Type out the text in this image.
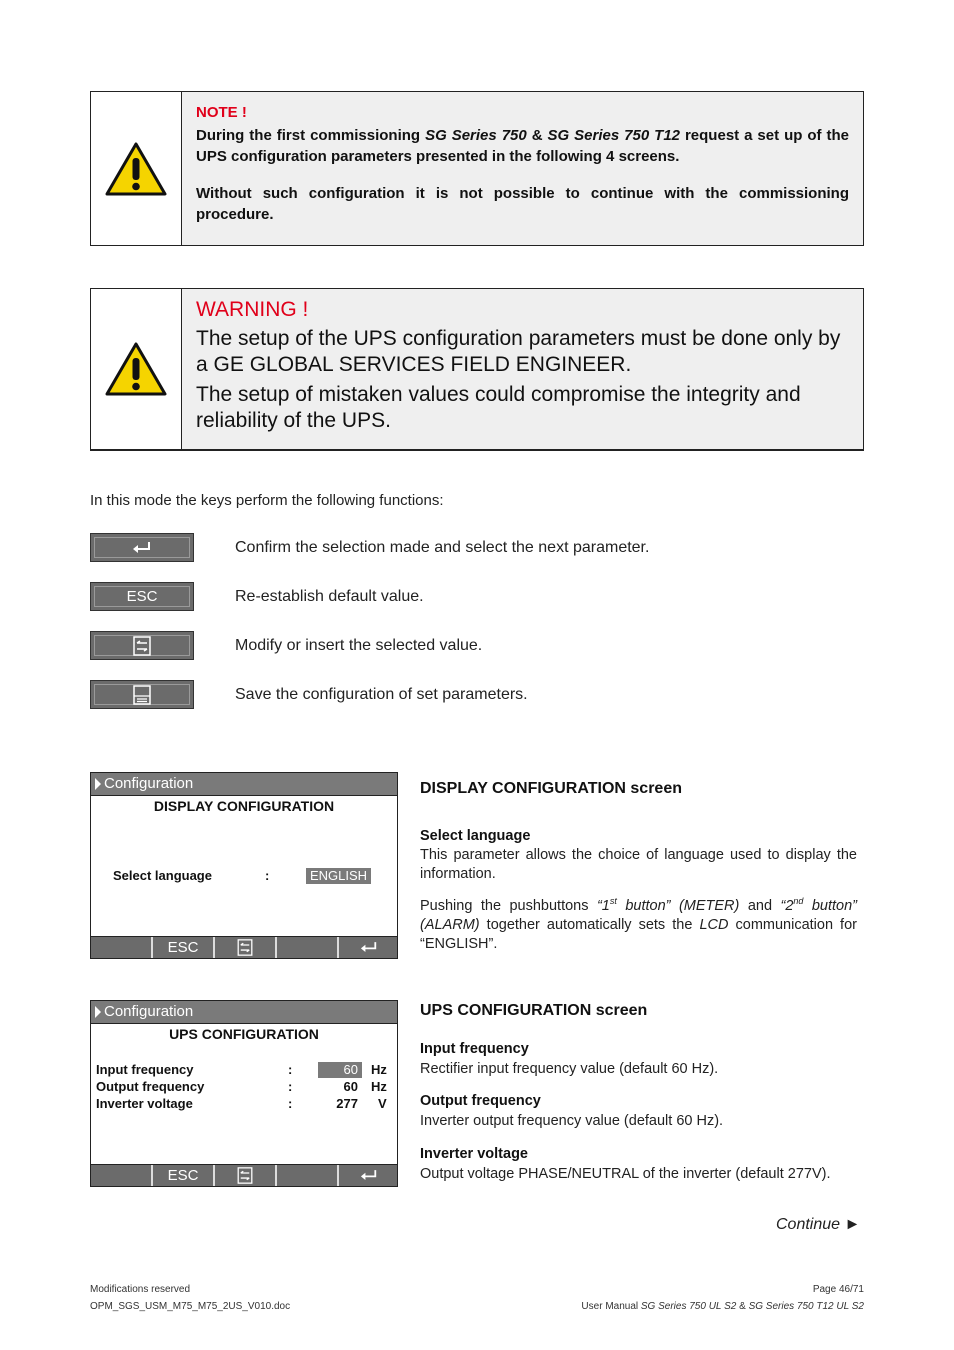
NOTE !
During the first commissioning SG Series 750 & SG Series 750 T12 request a set up of the UPS configuration parameters presented in the following 4 screens.
Without such configuration it is not possible to continue with the commissioning procedure.
WARNING !
The setup of the UPS configuration parameters must be done only by a GE GLOBAL SERVICES FIELD ENGINEER.
The setup of mistaken values could compromise the integrity and reliability of the UPS.
In this mode the keys perform the following functions:
Confirm the selection made and select the next parameter.
ESC	Re-establish default value.
Modify or insert the selected value.
Save the configuration of set parameters.
Configuration
DISPLAY CONFIGURATION
Select language	:	ENGLISH
ESC
Configuration
UPS CONFIGURATION
Input frequency	:	60	Hz
Output frequency	:	60 Hz
Inverter voltage	:	277 V
ESC
DISPLAY CONFIGURATION screen
Select language
This parameter allows the choice of language used to display the information.
Pushing the pushbuttons “1st button” (METER) and “2nd button” (ALARM) together automatically sets the LCD communication for “ENGLISH”.
UPS CONFIGURATION screen
Input frequency
Rectifier input frequency value (default 60 Hz).
Output frequency
Inverter output frequency value (default 60 Hz).
Inverter voltage
Output voltage PHASE/NEUTRAL of the inverter (default 277V).
Continue ►
Modifications reserved
OPM_SGS_USM_M75_M75_2US_V010.doc
Page 46/71
User Manual SG Series 750 UL S2 & SG Series 750 T12 UL S2
